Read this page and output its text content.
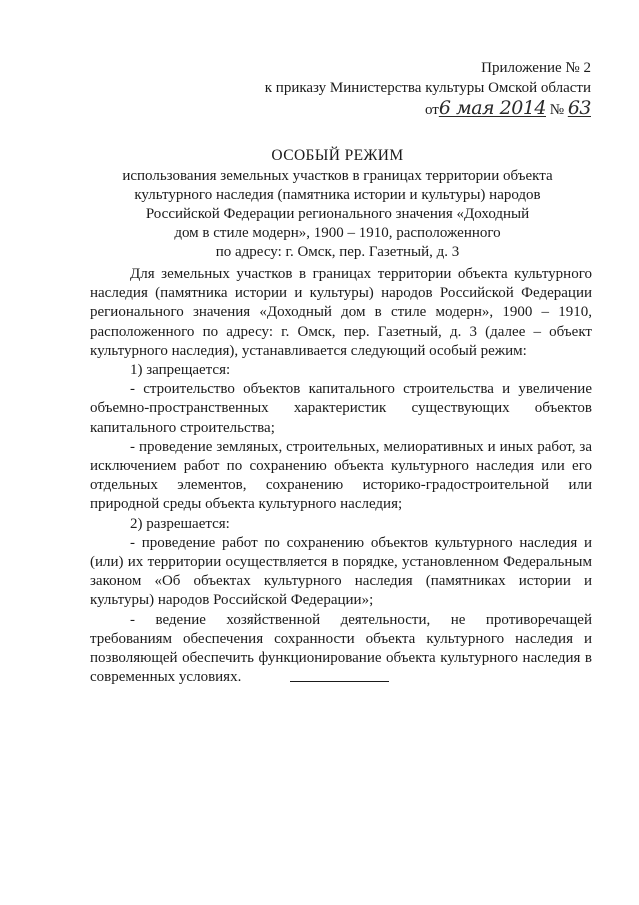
Приложение № 2
к приказу Министерства культуры Омской области
от6 мая 2014 № 63
ОСОБЫЙ РЕЖИМ
использования земельных участков в границах территории объекта
культурного наследия (памятника истории и культуры) народов
Российской Федерации регионального значения «Доходный
дом в стиле модерн», 1900 – 1910, расположенного
по адресу: г. Омск, пер. Газетный, д. 3

Для земельных участков в границах территории объекта культурного наследия (памятника истории и культуры) народов Российской Федерации регионального значения «Доходный дом в стиле модерн», 1900 – 1910, расположенного по адресу: г. Омск, пер. Газетный, д. 3 (далее – объект культурного наследия), устанавливается следующий особый режим:

1) запрещается:

- строительство объектов капитального строительства и увеличение объемно-пространственных характеристик существующих объектов капитального строительства;

- проведение земляных, строительных, мелиоративных и иных работ, за исключением работ по сохранению объекта культурного наследия или его отдельных элементов, сохранению историко-градостроительной или природной среды объекта культурного наследия;

2) разрешается:

- проведение работ по сохранению объектов культурного наследия и (или) их территории осуществляется в порядке, установленном Федеральным законом «Об объектах культурного наследия (памятниках истории и культуры) народов Российской Федерации»;

- ведение хозяйственной деятельности, не противоречащей требованиям обеспечения сохранности объекта культурного наследия и позволяющей обеспечить функционирование объекта культурного наследия в современных условиях.
